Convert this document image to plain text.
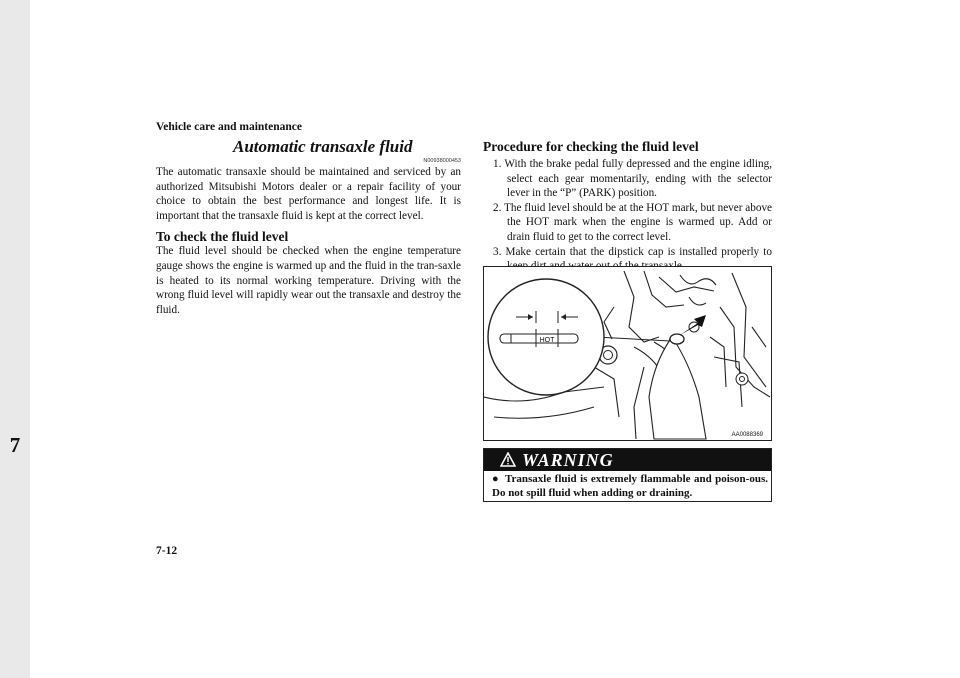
7
Vehicle care and maintenance
Automatic transaxle fluid
N00938000453

The automatic transaxle should be maintained and serviced by an authorized Mitsubishi Motors dealer or a repair facility of your choice to obtain the best performance and longest life. It is important that the transaxle fluid is kept at the correct level.

To check the fluid level

The fluid level should be checked when the engine temperature gauge shows the engine is warmed up and the fluid in the tran-saxle is heated to its normal working temperature. Driving with the wrong fluid level will rapidly wear out the transaxle and destroy the fluid.

Procedure for checking the fluid level
1. With the brake pedal fully depressed and the engine idling, select each gear momentarily, ending with the selector lever in the “P” (PARK) position.
2. The fluid level should be at the HOT mark, but never above the HOT mark when the engine is warmed up. Add or drain fluid to get to the correct level.
3. Make certain that the dipstick cap is installed properly to
HOT
AA0088369
WARNING
● Transaxle fluid is extremely flammable and poison-ous. Do not spill fluid when adding or draining.
7-12
